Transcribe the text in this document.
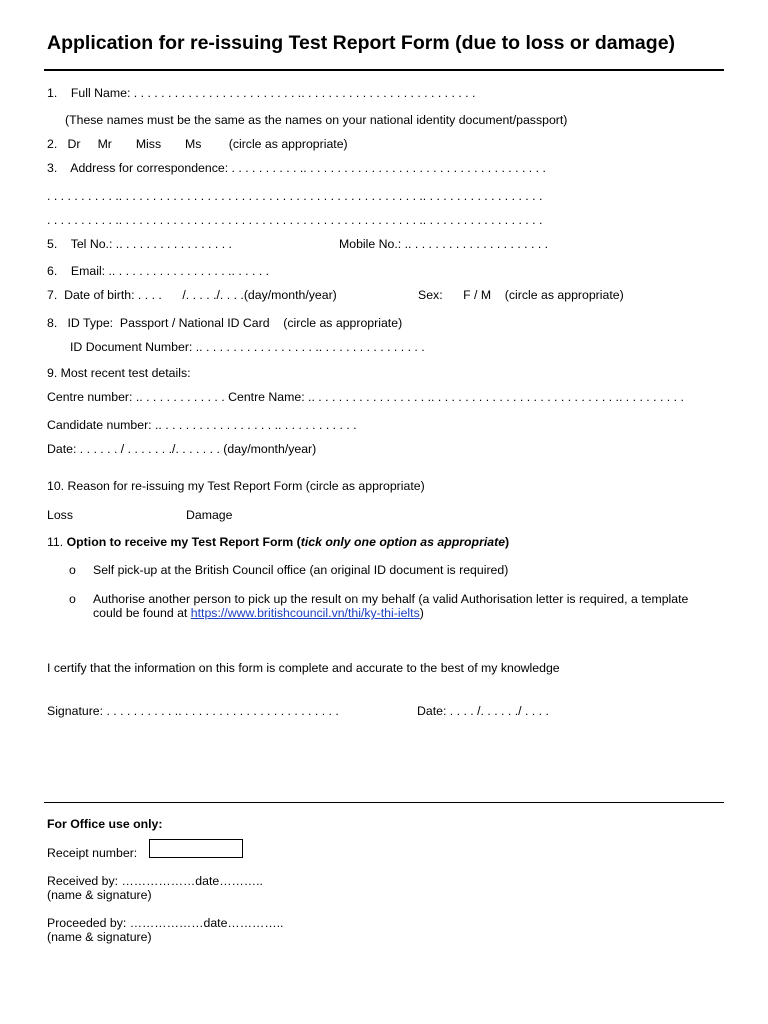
Application for re-issuing Test Report Form (due to loss or damage)
1.    Full Name: . . . . . . . . . . . . . . . . . . . . . . . . .. . . . . . . . . . . . . . . . . . . . . . . . . .
(These names must be the same as the names on your national identity document/passport)
2.   Dr     Mr       Miss       Ms        (circle as appropriate)
3.    Address for correspondence: . . . . . . . . . . .. . . . . . . . . . . . . . . . . . . . . . . . . . . . . . . . . . . .
. . . . . . . . . . .. . . . . . . . . . . . . . . . . . . . . . . . . . . . . . . . . . . . . . . . . . . . .. . . . . . . . . . . . . . . . . .
. . . . . . . . . . .. . . . . . . . . . . . . . . . . . . . . . . . . . . . . . . . . . . . . . . . . . . . .. . . . . . . . . . . . . . . . . .
5.    Tel No.: .. . . . . . . . . . . . . . . . .	Mobile No.: .. . . . . . . . . . . . . . . . . . . . .
6.    Email: .. . . . . . . . . . . . . . . . . .. . . . . .
7.  Date of birth: . . . .      /. . . . ./. . . .(day/month/year)	Sex:      F / M    (circle as appropriate)
8.   ID Type:  Passport / National ID Card    (circle as appropriate)
ID Document Number: .. . . . . . . . . . . . . . . . . .. . . . . . . . . . . . . . . .
9. Most recent test details:
Centre number: .. . . . . . . . . . . . . Centre Name: .. . . . . . . . . . . . . . . . . .. . . . . . . . . . . . . . . . . . . . . . . . . . . .. . . . . . . . . .
Candidate number: .. . . . . . . . . . . . . . . . . .. . . . . . . . . . . .
Date: . . . . . . / . . . . . . ./. . . . . . . (day/month/year)
10. Reason for re-issuing my Test Report Form (circle as appropriate)
Loss	Damage
11. Option to receive my Test Report Form (tick only one option as appropriate)
o Self pick-up at the British Council office (an original ID document is required)
o Authorise another person to pick up the result on my behalf (a valid Authorisation letter is required, a template
could be found at https://www.britishcouncil.vn/thi/ky-thi-ielts)
I certify that the information on this form is complete and accurate to the best of my knowledge
Signature: . . . . . . . . . . .. . . . . . . . . . . . . . . . . . . . . . . .	Date: . . . . /. . . . . ./ . . . .
For Office use only:
Receipt number:
Received by: ………………date………..
(name & signature)
Proceeded by: ………………date…………..
(name & signature)
